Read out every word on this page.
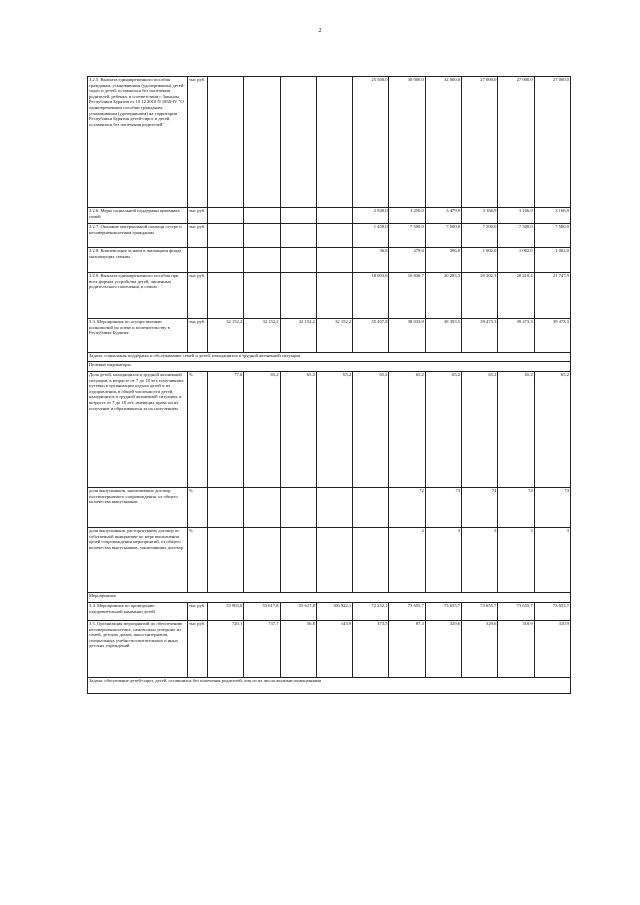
2
3.2.5. Выплата единовременного пособия гражданам, усыновившим (удочерившим) детей-сирот и детей, оставшихся без попечения родителей, ребенка, в соответствии с Законом Республики Бурятия от 10.12.2010 N 1830-IV "О единовременном пособии гражданам, усыновившим (удочерившим) на территории Республики Бурятия детей-сирот и детей, оставшихся без попечения родителей"	тыс руб.					25 500,0	30 000,0	32 000,0	27 000,0	27 000,0	27 000,0
3.2.6. Меры социальной поддержки приемных семей	тыс руб.					2 940,0	3 250,0	3 479,9	3 166,9	3 166,9	3 166,9
3.2.7. Оказание материальной помощи сестре и несовершеннолетним гражданам	тыс руб.					1 450,0	7 500,0	7 500,0	7 500,0	7 500,0	7 500,0
3.2.8. Компенсация за наем в жилищном фонде малоимущих семьям						36,0	279,0	396,0	1 002,0	1 002,0	1 002,0
3.2.9. Выплата единовременного пособия при всех формах устройства детей, лишенных родительского попечения, в семью	тыс руб.					18 003,6	16 830,7	20 283,3	20 302,3	20 210,4	21 747,9
3.3. Мероприятия по осуществлению полномочий по опеке и попечительству в Республике Бурятия	тыс руб.	32 152,2	32 152,2	32 152,2	32 152,2	35 407,8	38 033,8	38 393,5	39 473,3	39 473,3	39 473,3
Задача: социальная поддержка и обслуживание семей и детей, находящихся в трудной жизненной ситуации											
Целевые индикаторы											
Доля детей, находящихся в трудной жизненной ситуации, в возрасте от 7 до 18 лет, получивших путевки в организации отдыха детей и их оздоровления, в общей численности детей, находящихся в трудной жизненной ситуации, в возрасте от 7 до 18 лет, имеющих право на их получение и обратившихся за их получением	%	77,6	65,2	65,2	65,2	65,2	65,2	65,2	65,2	65,2	65,2
доля выпускников, заключивших договор постинтернатного сопровождения, от общего количества выпускников	%						72	73	74	74	74
доля выпускников, расторгнувших договор по собственной инициативе по мере выполнения целей сопровождения мероприятий, от общего количества выпускников, заключивших договор	%						2	3	3	3	3
Мероприятия											
3.4. Мероприятия по проведению оздоровительной кампании детей	тыс руб.	53 903,0	55 617,8	55 617,8	106 922,1	72 252,1	73 655,7	73 655,7	73 655,7	73 655,7	73 655,7
3.5. Организация мероприятий по обеспечению несовершеннолетних, самовольно ушедших из семей, детских домов, школ-интернатов, специальных учебно-воспитательных и иных детских учреждений	тыс руб.	720,1	737,7	56,8	143,9	373,5	87,3	329,6	329,6	310,9	310,9
Задача: обеспечение детей-сирот, детей, оставшихся без попечения родителей, лиц из их числа жилыми помещениями											
